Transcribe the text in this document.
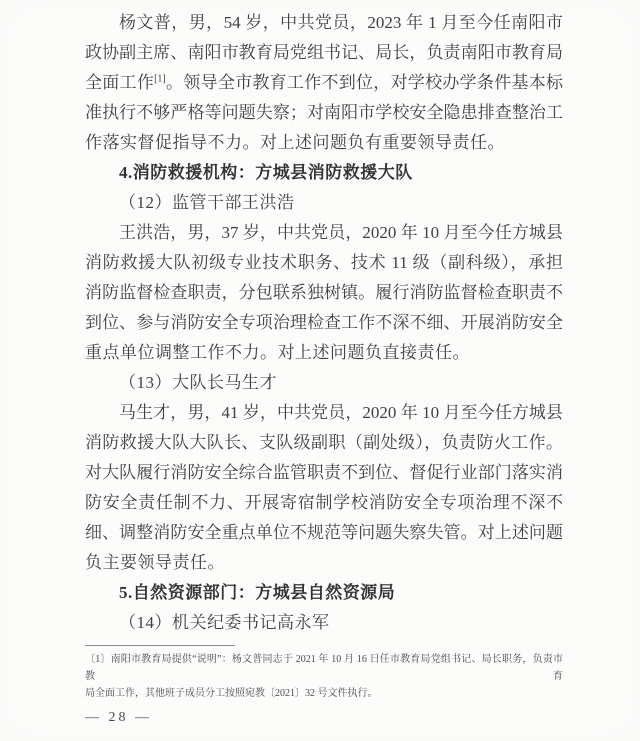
杨文普，男，54 岁，中共党员，2023 年 1 月至今任南阳市
政协副主席、南阳市教育局党组书记、局长，负责南阳市教育局
全面工作[1]。领导全市教育工作不到位，对学校办学条件基本标
准执行不够严格等问题失察；对南阳市学校安全隐患排查整治工
作落实督促指导不力。对上述问题负有重要领导责任。
4.消防救援机构：方城县消防救援大队
（12）监管干部王洪浩
王洪浩，男，37 岁，中共党员，2020 年 10 月至今任方城县
消防救援大队初级专业技术职务、技术 11 级（副科级），承担
消防监督检查职责，分包联系独树镇。履行消防监督检查职责不
到位、参与消防安全专项治理检查工作不深不细、开展消防安全
重点单位调整工作不力。对上述问题负直接责任。
（13）大队长马生才
马生才，男，41 岁，中共党员，2020 年 10 月至今任方城县
消防救援大队大队长、支队级副职（副处级），负责防火工作。
对大队履行消防安全综合监管职责不到位、督促行业部门落实消
防安全责任制不力、开展寄宿制学校消防安全专项治理不深不
细、调整消防安全重点单位不规范等问题失察失管。对上述问题
负主要领导责任。
5.自然资源部门：方城县自然资源局
（14）机关纪委书记高永军
〔1〕南阳市教育局提供“说明”：杨文普同志于 2021 年 10 月 16 日任市教育局党组书记、局长职务，负责市教育
局全面工作，其他班子成员分工按照宛教〔2021〕32 号文件执行。
— 28 —
